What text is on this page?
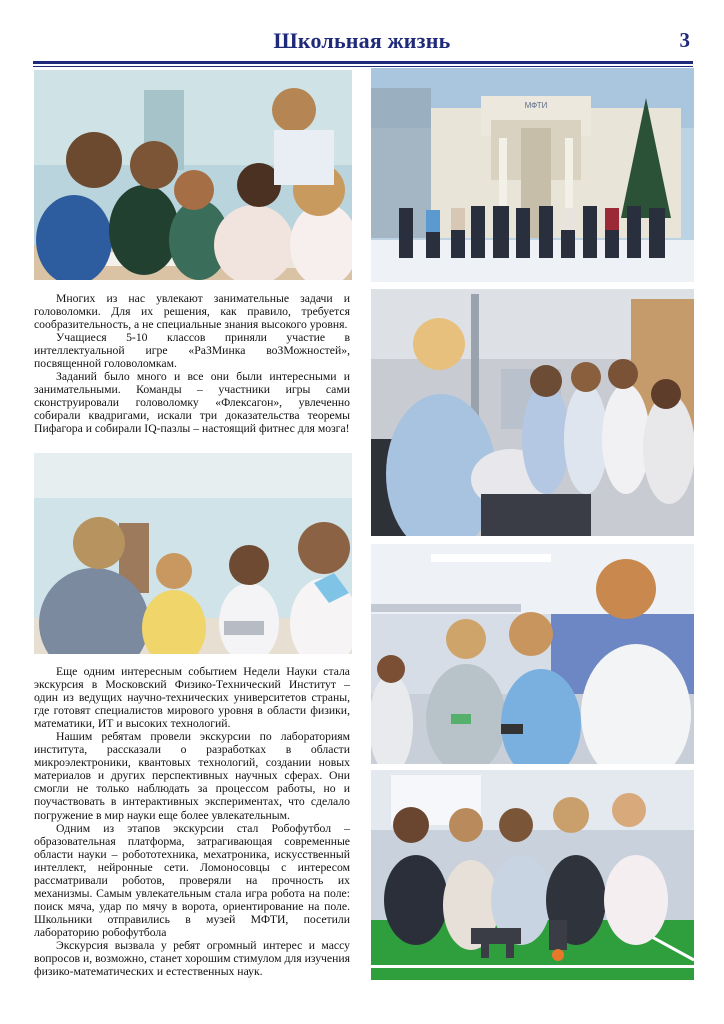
Школьная жизнь	3
МФТИ

Многих из нас увлекают занимательные задачи и головоломки. Для их решения, как правило, требуется сообразительность, а не специальные знания высокого уровня.

Учащиеся 5-10 классов приняли участие в интеллектуальной игре «РаЗМинка воЗМожностей», посвященной головоломкам.

Заданий было много и все они были интересными и занимательными. Команды – участники игры сами сконструировали головоломку «Флексагон», увлеченно собирали квадригами, искали три доказательства теоремы Пифагора и собирали IQ-пазлы – настоящий фитнес для мозга!

Еще одним интересным событием Недели Науки стала экскурсия в Московский Физико-Технический Институт – один из ведущих научно-технических университетов страны, где готовят специалистов мирового уровня в области физики, математики, ИТ и высоких технологий.

Нашим ребятам провели экскурсии по лабораториям института, рассказали о разработках в области микроэлектроники, квантовых технологий, создании новых материалов и других перспективных научных сферах. Они смогли не только наблюдать за процессом работы, но и поучаствовать в интерактивных экспериментах, что сделало погружение в мир науки еще более увлекательным.

Одним из этапов экскурсии стал Робофутбол – образовательная платформа, затрагивающая современные области науки – робототехника, мехатроника, искусственный интеллект, нейронные сети. Ломоносовцы с интересом рассматривали роботов, проверяли на прочность их механизмы. Самым увлекательным стала игра робота на поле: поиск мяча, удар по мячу в ворота, ориентирование на поле. Школьники отправились в музей МФТИ, посетили лабораторию робофутбола

Экскурсия вызвала у ребят огромный интерес и массу вопросов и, возможно, станет хорошим стимулом для изучения физико-математических и естественных наук.
